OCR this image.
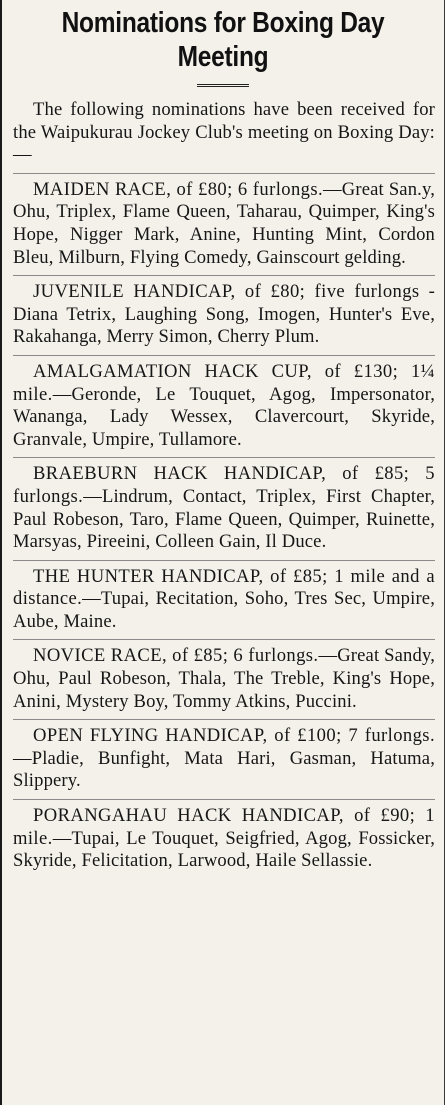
Nominations for Boxing Day Meeting

The following nominations have been received for the Waipukurau Jockey Club's meeting on Boxing Day:—

MAIDEN RACE, of £80; 6 furlongs.—Great San.y, Ohu, Triplex, Flame Queen, Taharau, Quimper, King's Hope, Nigger Mark, Anine, Hunting Mint, Cordon Bleu, Milburn, Flying Comedy, Gainscourt gelding.

JUVENILE HANDICAP, of £80; five furlongs -Diana Tetrix, Laughing Song, Imogen, Hunter's Eve, Rakahanga, Merry Simon, Cherry Plum.

AMALGAMATION HACK CUP, of £130; 1¼ mile.—Geronde, Le Touquet, Agog, Impersonator, Wananga, Lady Wessex, Clavercourt, Skyride, Granvale, Umpire, Tullamore.

BRAEBURN HACK HANDICAP, of £85; 5 furlongs.—Lindrum, Contact, Triplex, First Chapter, Paul Robeson, Taro, Flame Queen, Quimper, Ruinette, Marsyas, Pireeini, Colleen Gain, Il Duce.

THE HUNTER HANDICAP, of £85; 1 mile and a distance.—Tupai, Recitation, Soho, Tres Sec, Umpire, Aube, Maine.

NOVICE RACE, of £85; 6 furlongs.—Great Sandy, Ohu, Paul Robeson, Thala, The Treble, King's Hope, Anini, Mystery Boy, Tommy Atkins, Puccini.

OPEN FLYING HANDICAP, of £100; 7 furlongs.—Pladie, Bunfight, Mata Hari, Gasman, Hatuma, Slippery.

PORANGAHAU HACK HANDICAP, of £90; 1 mile.—Tupai, Le Touquet, Seigfried, Agog, Fossicker, Skyride, Felicitation, Larwood, Haile Sellassie.
